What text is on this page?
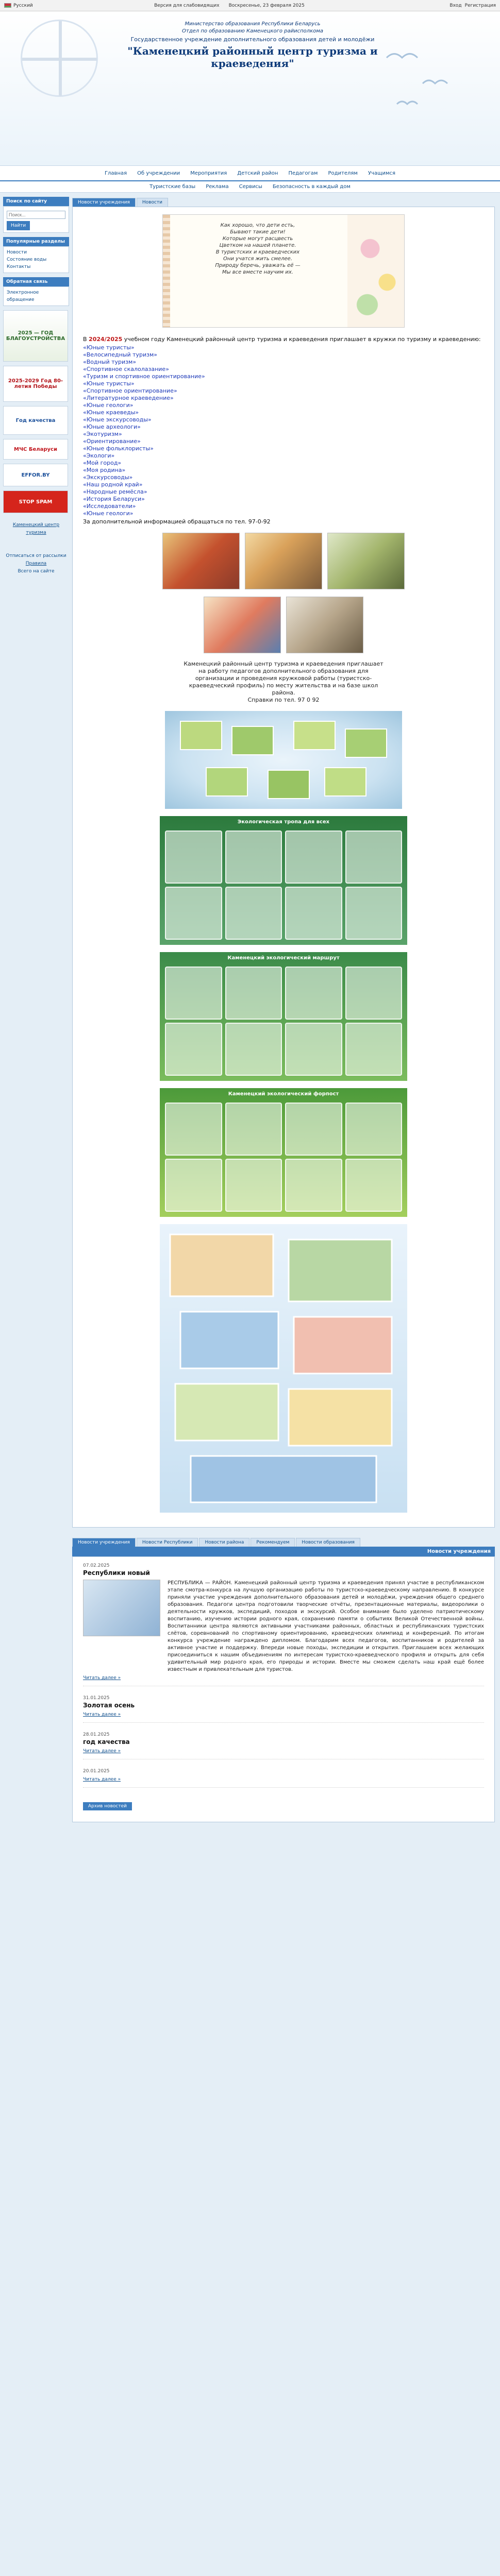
Русский	Версия для слабовидящих Воскресенье, 23 февраля 2025	Вход Регистрация
Министерство образования Республики Беларусь
Отдел по образованию Каменецкого райисполкома
Государственное учреждение дополнительного образования детей и молодёжи
"Каменецкий районный центр туризма и краеведения"
Главная	Об учреждении	Мероприятия	Детский район	Педагогам	Родителям	Учащимся
Туристские базы	Реклама	Сервисы	Безопасность в каждый дом
Поиск по сайту
Поиск... Найти
Популярные разделы
Новости
Состояние воды
Контакты
Обратная связь
Электронное обращение
2025 — ГОД БЛАГОУСТРОЙСТВА
2025-2029 Год 80-летия Победы
Год качества
МЧС Беларуси
EFFOR.BY
STOP SPAM
Каменецкий центр туризма
Отписаться от рассылки
Правила
Всего на сайте
Новости учреждения	Новости
Как хорошо, что дети есть,
Бывают такие дети!
Которые могут расцвесть
Цветком на нашей планете.
В туристских и краеведческих
Они учатся жить смелее.
Природу беречь, уважать её —
Мы все вместе научим их.
В 2024/2025 учебном году Каменецкий районный центр туризма и краеведения приглашает в кружки по туризму и краеведению:
«Юные туристы»
«Велосипедный туризм»
«Водный туризм»
«Спортивное скалолазание»
«Туризм и спортивное ориентирование»
«Юные туристы»
«Спортивное ориентирование»
«Литературное краеведение»
«Юные геологи»
«Юные краеведы»
«Юные экскурсоводы»
«Юные археологи»
«Экотуризм»
«Ориентирование»
«Юные фольклористы»
«Экологи»
«Мой город»
«Моя родина»
«Экскурсоводы»
«Наш родной край»
«Народные ремёсла»
«История Беларуси»
«Исследователи»
«Юные геологи»
За дополнительной информацией обращаться по тел. 97-0-92
Каменецкий районный центр туризма и краеведения приглашает
на работу педагогов дополнительного образования для
организации и проведения кружковой работы (туристско-
краеведческий профиль) по месту жительства и на базе школ
района.
Справки по тел. 97 0 92
Экологическая тропа для всех
Каменецкий экологический маршрут
Каменецкий экологический форпост
Новости учреждения	Новости Республики	Новости района	Рекомендуем	Новости образования
Новости учреждения
07.02.2025
Республики новый
РЕСПУБЛИКА — РАЙОН. Каменецкий районный центр туризма и краеведения принял участие в республиканском этапе смотра-конкурса на лучшую организацию работы по туристско-краеведческому направлению. В конкурсе приняли участие учреждения дополнительного образования детей и молодёжи, учреждения общего среднего образования. Педагоги центра подготовили творческие отчёты, презентационные материалы, видеоролики о деятельности кружков, экспедиций, походов и экскурсий. Особое внимание было уделено патриотическому воспитанию, изучению истории родного края, сохранению памяти о событиях Великой Отечественной войны. Воспитанники центра являются активными участниками районных, областных и республиканских туристских слётов, соревнований по спортивному ориентированию, краеведческих олимпиад и конференций. По итогам конкурса учреждение награждено дипломом. Благодарим всех педагогов, воспитанников и родителей за активное участие и поддержку. Впереди новые походы, экспедиции и открытия. Приглашаем всех желающих присоединиться к нашим объединениям по интересам туристско-краеведческого профиля и открыть для себя удивительный мир родного края, его природы и истории. Вместе мы сможем сделать наш край ещё более известным и привлекательным для туристов.
Читать далее »
31.01.2025
Золотая осень
Читать далее »
28.01.2025
год качества
Читать далее »
20.01.2025
Читать далее »
Архив новостей
